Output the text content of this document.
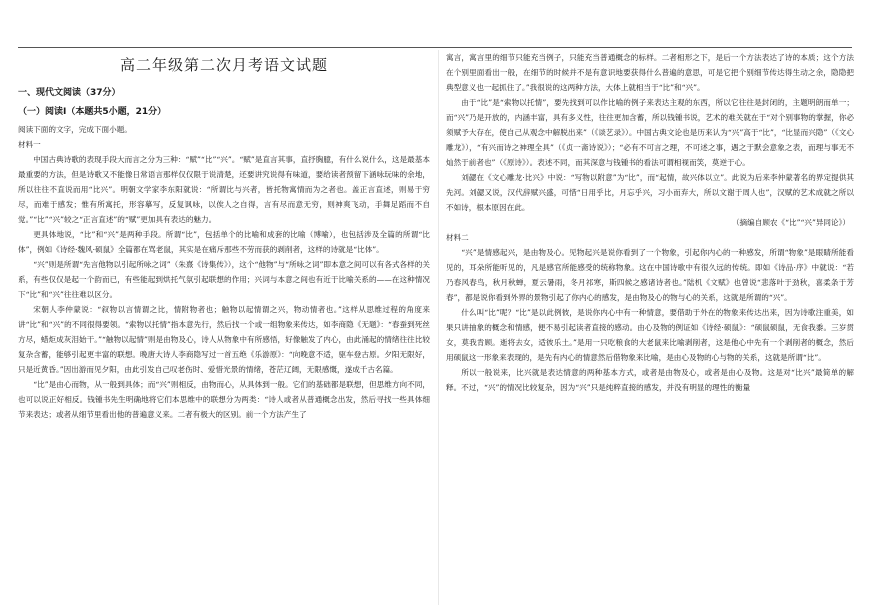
高二年级第二次月考语文试题
一、现代文阅读（37分）
（一）阅读Ⅰ（本题共5小题，21分）

阅读下面的文字，完成下面小题。

材料一

中国古典诗歌的表现手段大而言之分为三种：“赋”“比”“兴”。“赋”是直言其事，直抒胸臆，有什么说什么，这是最基本最重要的方法，但是诗歌又不能像日常语言那样仅仅限于说清楚，还要讲究说得有味道，要给读者预留下涵咏玩味的余地，所以往往不直说而用“比兴”。明朝文学家李东阳就说：“所谓比与兴者，皆托物寓情而为之者也。盖正言直述，则易于穷尽，而难于感发；惟有所寓托，形容摹写，反复讽咏，以俟人之自得，言有尽而意无穷，则神爽飞动，手舞足蹈而不自觉。”“比”“兴”较之“正言直述”的“赋”更加具有表达的魅力。

更具体地说，“比”和“兴”是两种手段。所谓“比”，包括单个的比喻和成套的比喻（博喻），也包括涉及全篇的所谓“比体”，例如《诗经·魏风·硕鼠》全篇都在骂老鼠，其实是在痛斥那些不劳而获的剥削者，这样的诗就是“比体”。

“兴”则是所谓“先言他物以引起所咏之词”（朱熹《诗集传》），这个“他物”与“所咏之词”即本意之间可以有各式各样的关系，有些仅仅是起一个韵而已，有些能起到烘托气氛引起联想的作用；兴词与本意之间也有近于比喻关系的——在这种情况下“比”和“兴”往往难以区分。

宋朝人李仲蒙说：“叙物以言情谓之比，情附物者也；触物以起情谓之兴，物动情者也。”这样从思维过程的角度来讲“比”和“兴”的不同很得要领。“索物以托情”指本意先行，然后找一个或一组物象来传达，如李商隐《无题》：“春蚕到死丝方尽，蜡炬成灰泪始干。”“触物以起情”则是由物及心，诗人从物象中有所感悟，好像触发了内心，由此涌起的情绪往往比较复杂含蓄，能够引起更丰富的联想。晚唐大诗人李商隐写过一首五绝《乐游原》：“向晚意不适，驱车登古原。夕阳无限好，只是近黄昏。”因出游而见夕阳，由此引发自己叹老伤时、爱惜光景的情绪，苍茫辽阔，无限感慨，遂成千古名篇。

“比”是由心而物，从一般到具体；而“兴”则相反，由物而心，从具体到一般。它们的基础都是联想，但思维方向不同，也可以说正好相反。钱锺书先生明确地将它们本思维中的联想分为两类：“诗人或者从普通概念出发，然后寻找一些具体细节来表达；或者从细节里看出他的普遍意义来。二者有极大的区别。前一个方法产生了

寓言，寓言里的细节只能充当例子，只能充当普通概念的标样。二者相形之下，是后一个方法表达了诗的本质；这个方法在个别里面看出一般，在细节的时候并不是有意识地要获得什么普遍的意思，可是它把个别细节传达得生动之余，隐隐把典型意义也一起抓住了。”我很说的这两种方法，大体上就相当于“比”和“兴”。

由于“比”是“索物以托情”，要先找到可以作比喻的例子来表达主观的东西，所以它往往是封闭的，主题明朗而单一；而“兴”乃是开放的，内涵丰富，具有多义性，往往更加含蓄，所以钱锺书说，艺术的难关就在于“对个别事物的掌握，你必须赋予大存在，使自己从观念中解脱出来”（《谈艺录》）。中国古典文论也是历来认为“兴”高于“比”，“比显而兴隐”（《文心雕龙》），“有兴而诗之神理全具”（《贞一斋诗说》）；“必有不可言之理，不可述之事，遇之于默会意象之表，而理与事无不灿然于前者也”（《原诗》）。表述不同，而其深意与钱锺书的看法可谓相视而笑，莫逆于心。

刘勰在《文心雕龙·比兴》中说：“写物以附意”为“比”，而“起情，故兴体以立”。此说为后来李仲蒙著名的界定提供其先河。刘勰又说，汉代辞赋兴盛，可惜“日用乎比，月忘乎兴，习小而弃大，所以文谢于周人也”，汉赋的艺术成就之所以不如诗，根本原因在此。

（摘编自顾农《“比”“兴”异同论》）

材料二

“兴”是情感起兴，是由物及心。见物起兴是说你看到了一个物象，引起你内心的一种感发，所谓“物象”是眼睛所能看见的，耳朵所能听见的，凡是感官所能感受的统称物象。这在中国诗歌中有很久远的传统。即如《诗品·序》中就说：“若乃春风春鸟，秋月秋蝉，夏云暑雨，冬月祁寒，斯四候之感诸诗者也。”陆机《文赋》也曾说“悲落叶于劲秋，喜柔条于芳春”，都是说你看到外界的景物引起了你内心的感发，是由物及心的物与心的关系，这就是所谓的“兴”。

什么叫“比”呢？“比”是以此例彼，是说你内心中有一种情意，要借助于外在的物象来传达出来，因为诗歌注重美，如果只讲抽象的概念和情感，便不易引起读者直接的感动。由心及物的例证如《诗经·硕鼠》：“硕鼠硕鼠，无食我黍。三岁贯女，莫我肯顾。逝将去女，适彼乐土。”是用一只吃粮食的大老鼠来比喻剥削者，这是他心中先有一个剥削者的概念，然后用硕鼠这一形象来表现的，是先有内心的情意然后借物象来比喻，是由心及物的心与物的关系，这就是所谓“比”。

所以一般说来，比兴就是表达情意的两种基本方式，或者是由物及心，或者是由心及物。这是对“比兴”最简单的解释。不过，“兴”的情况比较复杂，因为“兴”只是纯粹直接的感发，并没有明显的理性的衡量
